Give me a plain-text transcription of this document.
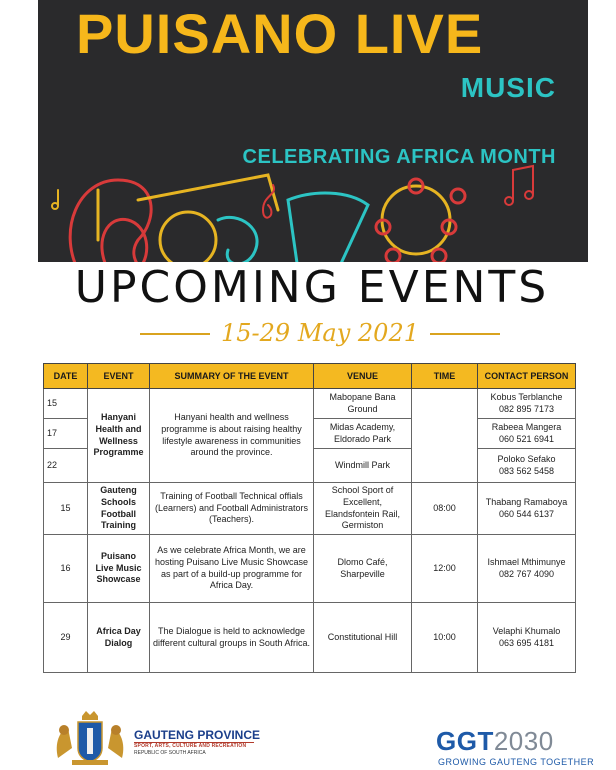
PUISANO LIVE
MUSIC
CELEBRATING AFRICA MONTH
UPCOMING EVENTS
15-29 May 2021
DATE	EVENT	SUMMARY OF THE EVENT	VENUE	TIME	CONTACT PERSON
15	Hanyani Health and Wellness Programme	Hanyani health and wellness programme is about raising healthy lifestyle awareness in communities around the province.	Mabopane Bana Ground		Kobus Terblanche
082 895 7173
17			Midas Academy, Eldorado Park		Rabeea Mangera
060 521 6941
22			Windmill Park		Poloko Sefako
083 562 5458
15	Gauteng Schools Football Training	Training of Football Technical offials (Learners) and Football Administrators (Teachers).	School Sport of Excellent, Elandsfontein Rail, Germiston	08:00	Thabang Ramaboya
060 544 6137
16	Puisano Live Music Showcase	As we celebrate Africa Month, we are hosting Puisano Live Music Showcase as part of a build-up programme for Africa Day.	Dlomo Café, Sharpeville	12:00	Ishmael Mthimunye
082 767 4090
29	Africa Day Dialog	The Dialogue is held to acknowledge different cultural groups in South Africa.	Constitutional Hill	10:00	Velaphi Khumalo
063 695 4181
GAUTENG PROVINCE
SPORT, ARTS, CULTURE AND RECREATION
REPUBLIC OF SOUTH AFRICA	GGT2030
GROWING GAUTENG TOGETHER
